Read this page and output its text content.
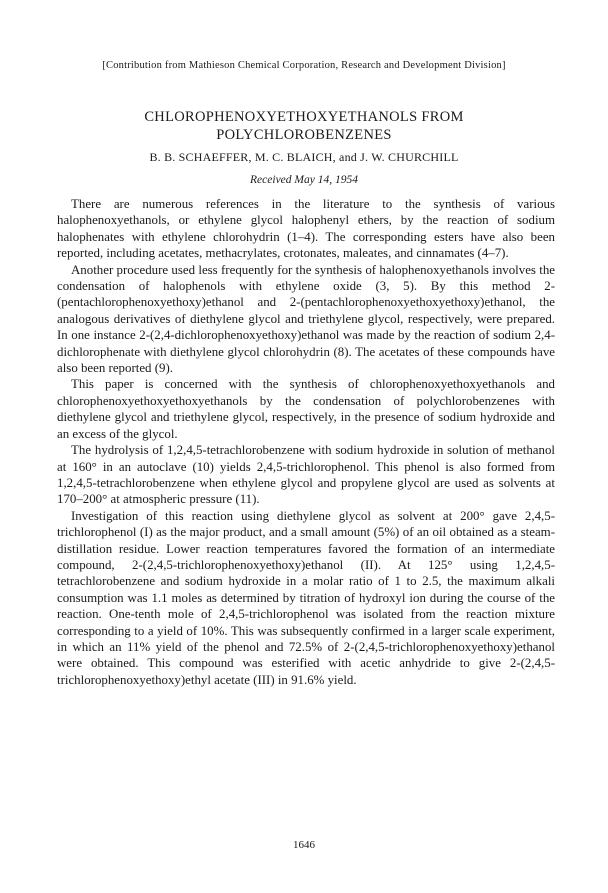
[Contribution from Mathieson Chemical Corporation, Research and Development Division]
CHLOROPHENOXYETHOXYETHANOLS FROM POLYCHLOROBENZENES
B. B. SCHAEFFER, M. C. BLAICH, and J. W. CHURCHILL
Received May 14, 1954

There are numerous references in the literature to the synthesis of various halophenoxyethanols, or ethylene glycol halophenyl ethers, by the reaction of sodium halophenates with ethylene chlorohydrin (1–4). The corresponding esters have also been reported, including acetates, methacrylates, crotonates, maleates, and cinnamates (4–7).

Another procedure used less frequently for the synthesis of halophenoxyethanols involves the condensation of halophenols with ethylene oxide (3, 5). By this method 2-(pentachlorophenoxyethoxy)ethanol and 2-(pentachlorophenoxyethoxyethoxy)ethanol, the analogous derivatives of diethylene glycol and triethylene glycol, respectively, were prepared. In one instance 2-(2,4-dichlorophenoxyethoxy)ethanol was made by the reaction of sodium 2,4-dichlorophenate with diethylene glycol chlorohydrin (8). The acetates of these compounds have also been reported (9).

This paper is concerned with the synthesis of chlorophenoxyethoxyethanols and chlorophenoxyethoxyethoxyethanols by the condensation of polychlorobenzenes with diethylene glycol and triethylene glycol, respectively, in the presence of sodium hydroxide and an excess of the glycol.

The hydrolysis of 1,2,4,5-tetrachlorobenzene with sodium hydroxide in solution of methanol at 160° in an autoclave (10) yields 2,4,5-trichlorophenol. This phenol is also formed from 1,2,4,5-tetrachlorobenzene when ethylene glycol and propylene glycol are used as solvents at 170–200° at atmospheric pressure (11).

Investigation of this reaction using diethylene glycol as solvent at 200° gave 2,4,5-trichlorophenol (I) as the major product, and a small amount (5%) of an oil obtained as a steam-distillation residue. Lower reaction temperatures favored the formation of an intermediate compound, 2-(2,4,5-trichlorophenoxyethoxy)ethanol (II). At 125° using 1,2,4,5-tetrachlorobenzene and sodium hydroxide in a molar ratio of 1 to 2.5, the maximum alkali consumption was 1.1 moles as determined by titration of hydroxyl ion during the course of the reaction. One-tenth mole of 2,4,5-trichlorophenol was isolated from the reaction mixture corresponding to a yield of 10%. This was subsequently confirmed in a larger scale experiment, in which an 11% yield of the phenol and 72.5% of 2-(2,4,5-trichlorophenoxyethoxy)ethanol were obtained. This compound was esterified with acetic anhydride to give 2-(2,4,5-trichlorophenoxyethoxy)ethyl acetate (III) in 91.6% yield.

1646
